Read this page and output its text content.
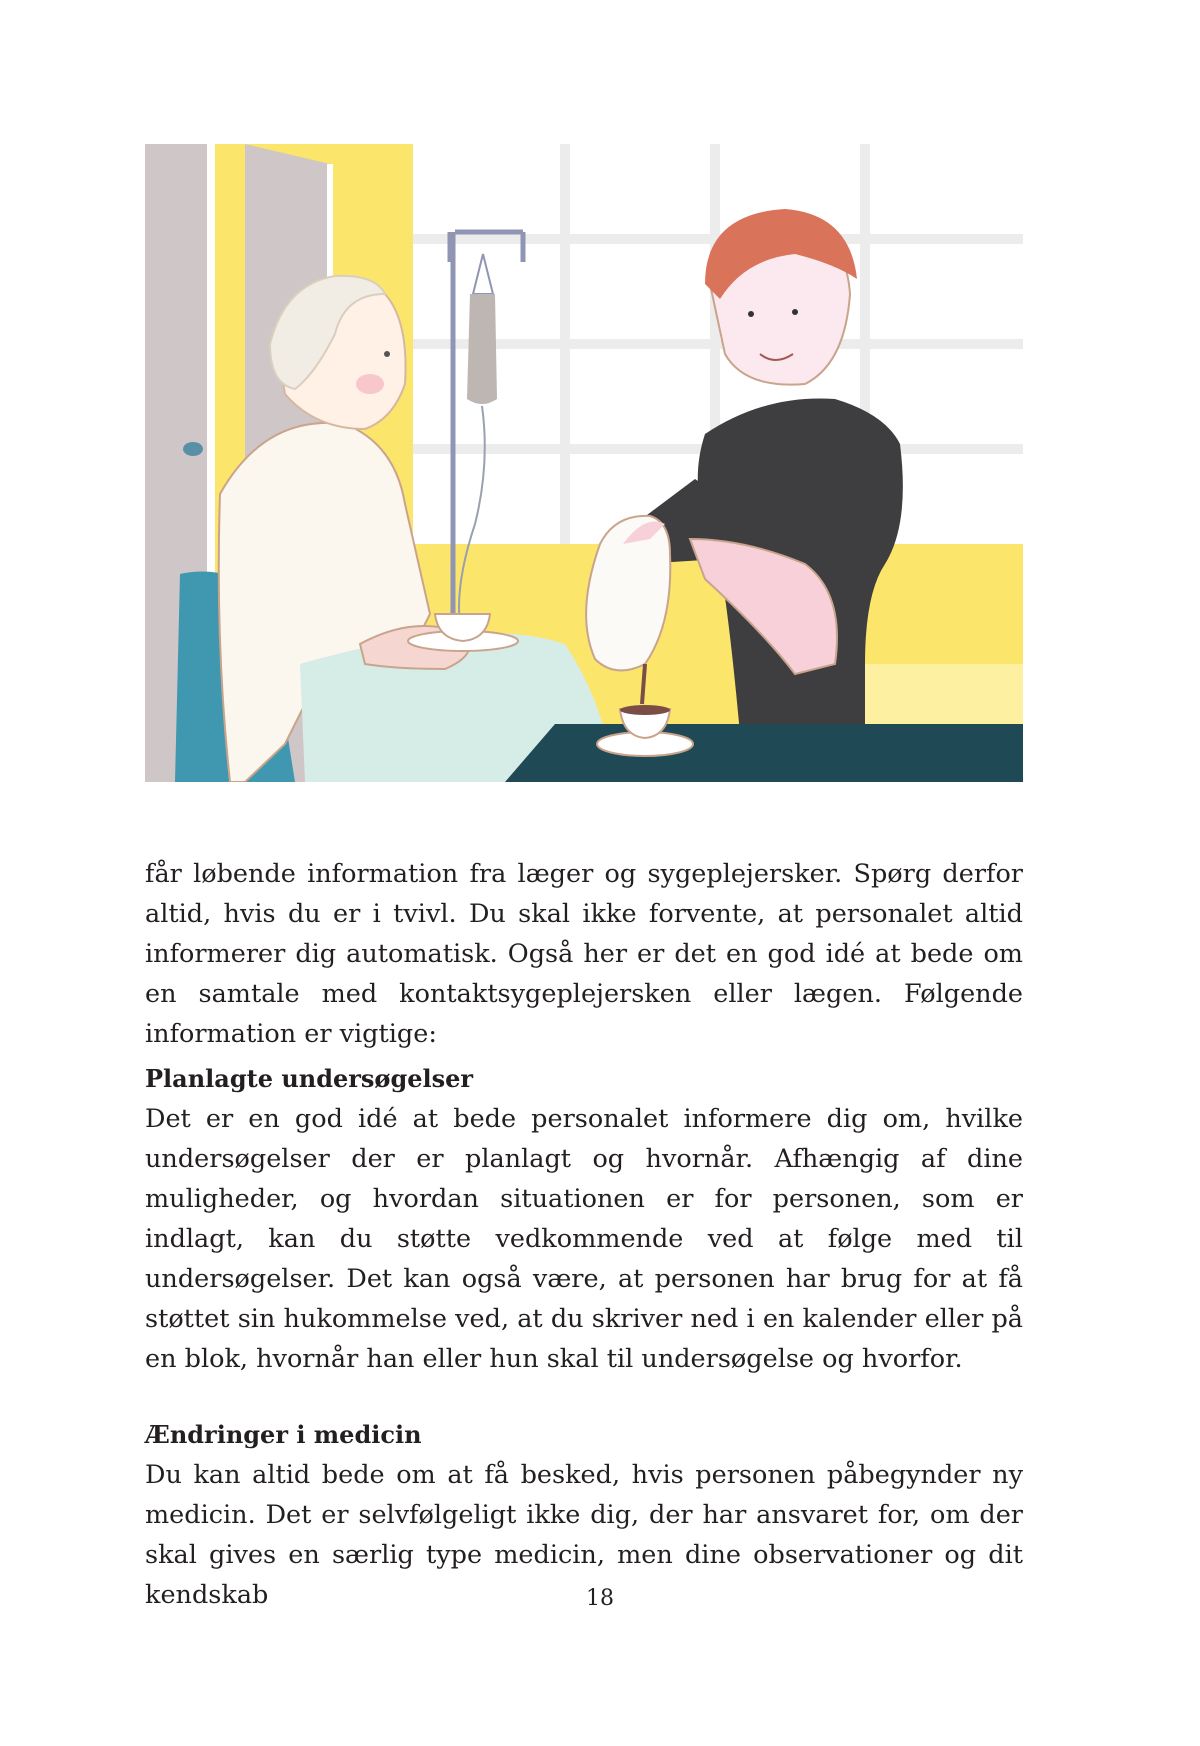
får løbende information fra læger og sygeplejersker. Spørg derfor altid, hvis du er i tvivl. Du skal ikke forvente, at personalet altid informerer dig automatisk. Også her er det en god idé at bede om en samtale med kontaktsygeplejersken eller lægen. Følgende information er vigtige:

Planlagte undersøgelser

Det er en god idé at bede personalet informere dig om, hvilke undersøgelser der er planlagt og hvornår. Afhængig af dine muligheder, og hvordan situationen er for personen, som er indlagt, kan du støtte vedkommende ved at følge med til undersøgelser. Det kan også være, at personen har brug for at få støttet sin hukommelse ved, at du skriver ned i en kalender eller på en blok, hvornår han eller hun skal til undersøgelse og hvorfor.

Ændringer i medicin

Du kan altid bede om at få besked, hvis personen påbegynder ny medicin. Det er selvfølgeligt ikke dig, der har ansvaret for, om der skal gives en særlig type medicin, men dine observationer og dit kendskab	18
